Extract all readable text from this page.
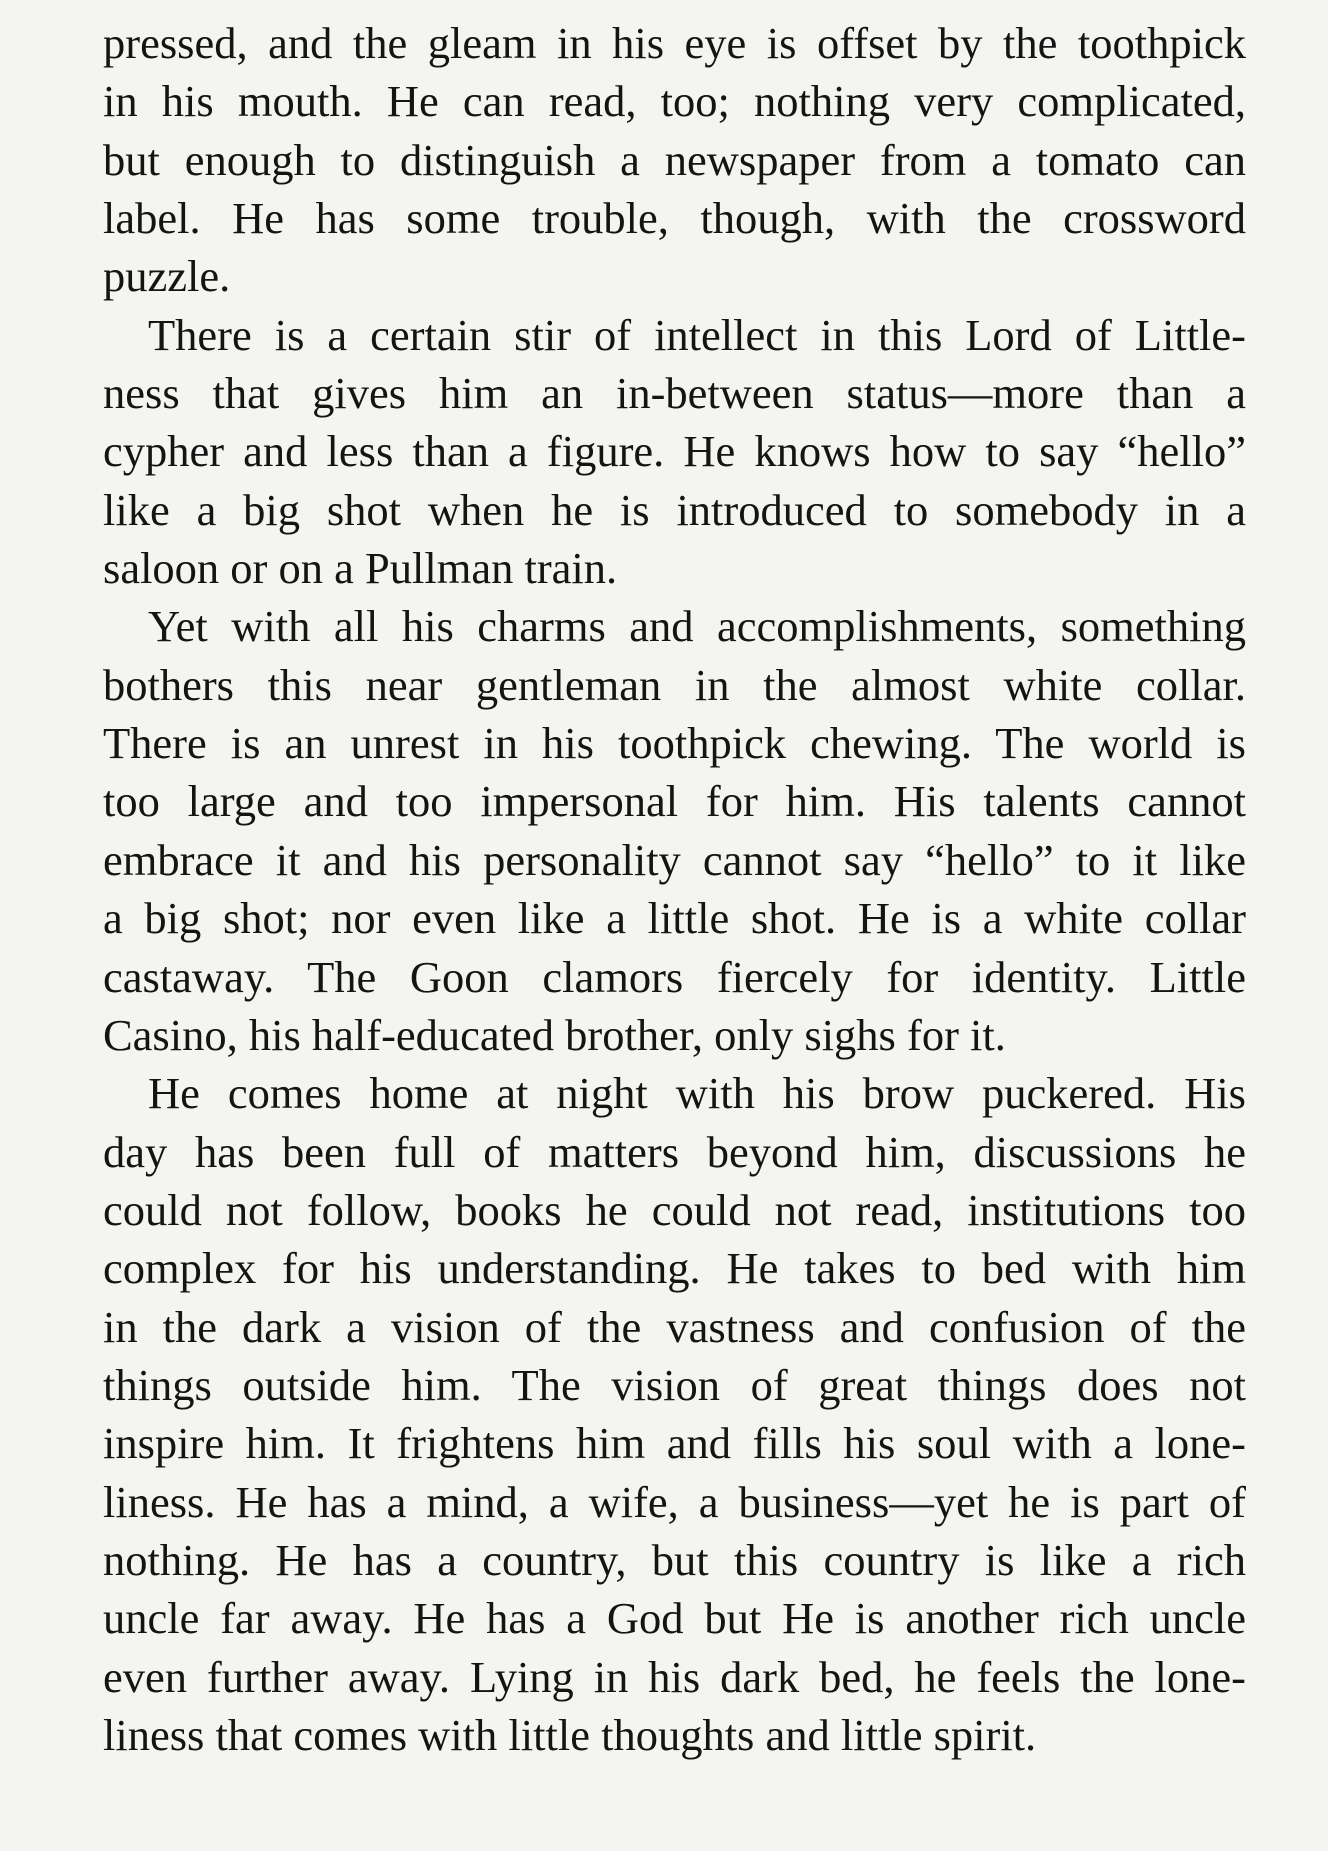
pressed, and the gleam in his eye is offset by the toothpick
in his mouth. He can read, too; nothing very complicated,
but enough to distinguish a newspaper from a tomato can
label. He has some trouble, though, with the crossword
puzzle.
There is a certain stir of intellect in this Lord of Little-
ness that gives him an in-between status—more than a
cypher and less than a figure. He knows how to say “hello”
like a big shot when he is introduced to somebody in a
saloon or on a Pullman train.
Yet with all his charms and accomplishments, something
bothers this near gentleman in the almost white collar.
There is an unrest in his toothpick chewing. The world is
too large and too impersonal for him. His talents cannot
embrace it and his personality cannot say “hello” to it like
a big shot; nor even like a little shot. He is a white collar
castaway. The Goon clamors fiercely for identity. Little
Casino, his half-educated brother, only sighs for it.
He comes home at night with his brow puckered. His
day has been full of matters beyond him, discussions he
could not follow, books he could not read, institutions too
complex for his understanding. He takes to bed with him
in the dark a vision of the vastness and confusion of the
things outside him. The vision of great things does not
inspire him. It frightens him and fills his soul with a lone-
liness. He has a mind, a wife, a business—yet he is part of
nothing. He has a country, but this country is like a rich
uncle far away. He has a God but He is another rich uncle
even further away. Lying in his dark bed, he feels the lone-
liness that comes with little thoughts and little spirit.
